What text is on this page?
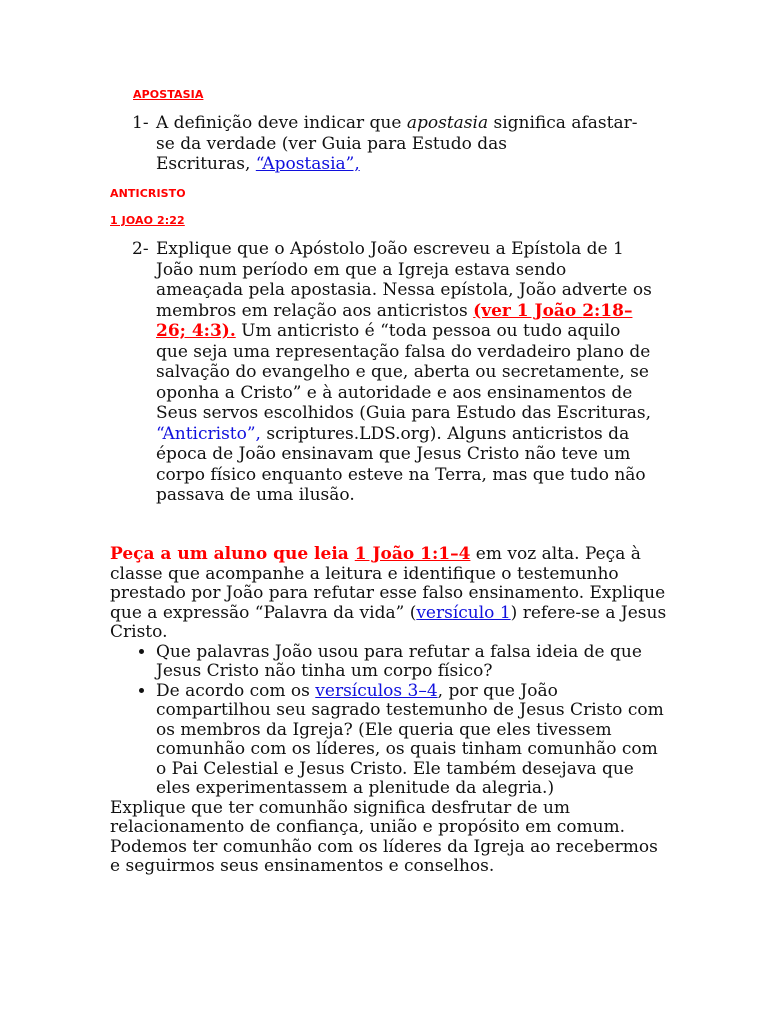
APOSTASIA
1- A definição deve indicar que apostasia significa afastar-
se da verdade (ver Guia para Estudo das
Escrituras, “Apostasia”,
ANTICRISTO
1 JOAO 2:22
2- Explique que o Apóstolo João escreveu a Epístola de 1 João num período em que a Igreja estava sendo ameaçada pela apostasia. Nessa epístola, João adverte os membros em relação aos anticristos (ver 1 João 2:18–26; 4:3). Um anticristo é “toda pessoa ou tudo aquilo que seja uma representação falsa do verdadeiro plano de salvação do evangelho e que, aberta ou secretamente, se oponha a Cristo” e à autoridade e aos ensinamentos de Seus servos escolhidos (Guia para Estudo das Escrituras, “Anticristo”, scriptures.LDS.org). Alguns anticristos da época de João ensinavam que Jesus Cristo não teve um corpo físico enquanto esteve na Terra, mas que tudo não passava de uma ilusão.

Peça a um aluno que leia 1 João 1:1–4 em voz alta. Peça à classe que acompanhe a leitura e identifique o testemunho prestado por João para refutar esse falso ensinamento. Explique que a expressão “Palavra da vida” (versículo 1) refere-se a Jesus Cristo.

• Que palavras João usou para refutar a falsa ideia de que Jesus Cristo não tinha um corpo físico?
• De acordo com os versículos 3–4, por que João compartilhou seu sagrado testemunho de Jesus Cristo com os membros da Igreja? (Ele queria que eles tivessem comunhão com os líderes, os quais tinham comunhão com o Pai Celestial e Jesus Cristo. Ele também desejava que eles experimentassem a plenitude da alegria.)

Explique que ter comunhão significa desfrutar de um relacionamento de confiança, união e propósito em comum. Podemos ter comunhão com os líderes da Igreja ao recebermos e seguirmos seus ensinamentos e conselhos.
